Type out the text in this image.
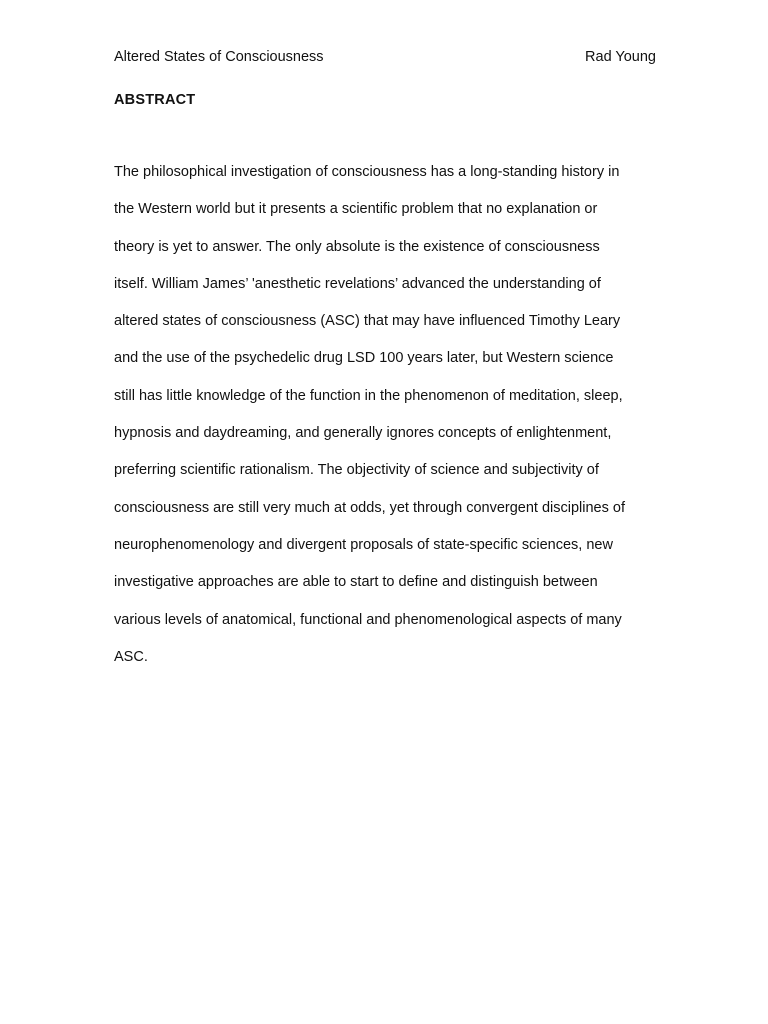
Altered States of Consciousness	Rad Young
ABSTRACT
The philosophical investigation of consciousness has a long-standing history in
the Western world but it presents a scientific problem that no explanation or
theory is yet to answer. The only absolute is the existence of consciousness
itself. William James’ 'anesthetic revelations’ advanced the understanding of
altered states of consciousness (ASC) that may have influenced Timothy Leary
and the use of the psychedelic drug LSD 100 years later, but Western science
still has little knowledge of the function in the phenomenon of meditation, sleep,
hypnosis and daydreaming, and generally ignores concepts of enlightenment,
preferring scientific rationalism. The objectivity of science and subjectivity of
consciousness are still very much at odds, yet through convergent disciplines of
neurophenomenology and divergent proposals of state-specific sciences, new
investigative approaches are able to start to define and distinguish between
various levels of anatomical, functional and phenomenological aspects of many
ASC.
